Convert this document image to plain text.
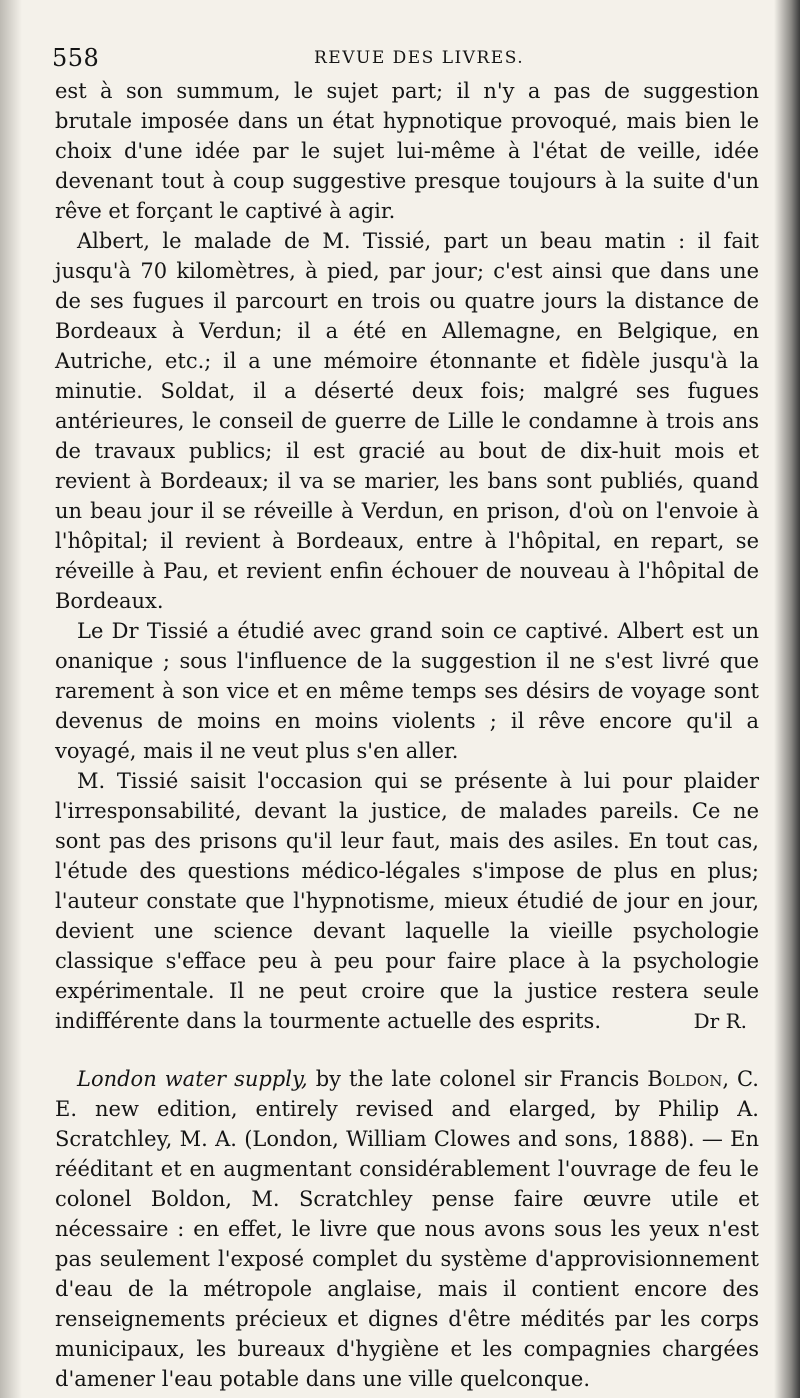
558	REVUE DES LIVRES.

est à son summum, le sujet part; il n'y a pas de suggestion brutale imposée dans un état hypnotique provoqué, mais bien le choix d'une idée par le sujet lui-même à l'état de veille, idée devenant tout à coup suggestive presque toujours à la suite d'un rêve et forçant le captivé à agir.

Albert, le malade de M. Tissié, part un beau matin : il fait jusqu'à 70 kilomètres, à pied, par jour; c'est ainsi que dans une de ses fugues il parcourt en trois ou quatre jours la distance de Bordeaux à Verdun; il a été en Allemagne, en Belgique, en Autriche, etc.; il a une mémoire étonnante et fidèle jusqu'à la minutie. Soldat, il a déserté deux fois; malgré ses fugues antérieures, le conseil de guerre de Lille le condamne à trois ans de travaux publics; il est gracié au bout de dix-huit mois et revient à Bordeaux; il va se marier, les bans sont publiés, quand un beau jour il se réveille à Verdun, en prison, d'où on l'envoie à l'hôpital; il revient à Bordeaux, entre à l'hôpital, en repart, se réveille à Pau, et revient enfin échouer de nouveau à l'hôpital de Bordeaux.

Le Dr Tissié a étudié avec grand soin ce captivé. Albert est un onanique ; sous l'influence de la suggestion il ne s'est livré que rarement à son vice et en même temps ses désirs de voyage sont devenus de moins en moins violents ; il rêve encore qu'il a voyagé, mais il ne veut plus s'en aller.

M. Tissié saisit l'occasion qui se présente à lui pour plaider l'irresponsabilité, devant la justice, de malades pareils. Ce ne sont pas des prisons qu'il leur faut, mais des asiles. En tout cas, l'étude des questions médico-légales s'impose de plus en plus; l'auteur constate que l'hypnotisme, mieux étudié de jour en jour, devient une science devant laquelle la vieille psychologie classique s'efface peu à peu pour faire place à la psychologie expérimentale. Il ne peut croire que la justice restera seule indifférente dans la tourmente actuelle des esprits.	Dr R.

London water supply, by the late colonel sir Francis Boldon, C. E. new edition, entirely revised and elarged, by Philip A. Scratchley, M. A. (London, William Clowes and sons, 1888). — En rééditant et en augmentant considérablement l'ouvrage de feu le colonel Boldon, M. Scratchley pense faire œuvre utile et nécessaire : en effet, le livre que nous avons sous les yeux n'est pas seulement l'exposé complet du système d'approvisionnement d'eau de la métropole anglaise, mais il contient encore des renseignements précieux et dignes d'être médités par les corps municipaux, les bureaux d'hygiène et les compagnies chargées d'amener l'eau potable dans une ville quelconque.
